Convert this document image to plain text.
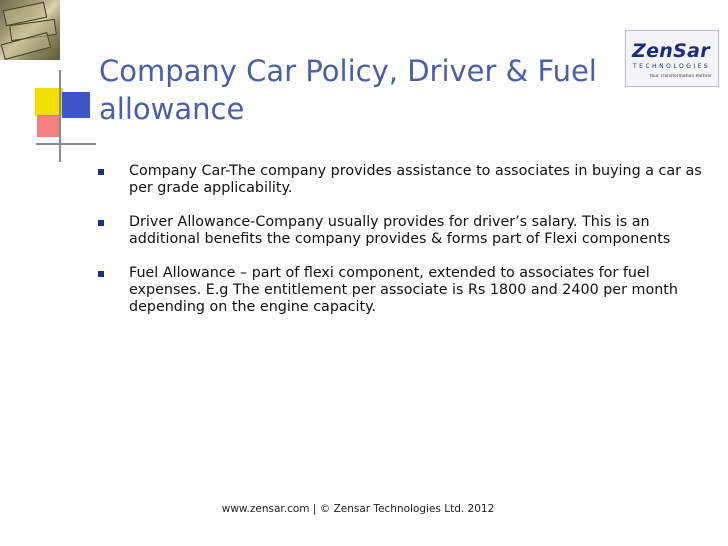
ZenSar
TECHNOLOGIES
Your Transformation Partner
Company Car Policy, Driver & Fuel allowance
Company Car-The company provides assistance to associates in buying a car as per grade applicability.
Driver Allowance-Company usually provides for driver’s salary. This is an additional benefits the company provides & forms part of Flexi components
Fuel Allowance – part of flexi component, extended to associates for fuel expenses. E.g The entitlement per associate is Rs 1800 and 2400 per month depending on the engine capacity.
www.zensar.com | © Zensar Technologies Ltd. 2012
